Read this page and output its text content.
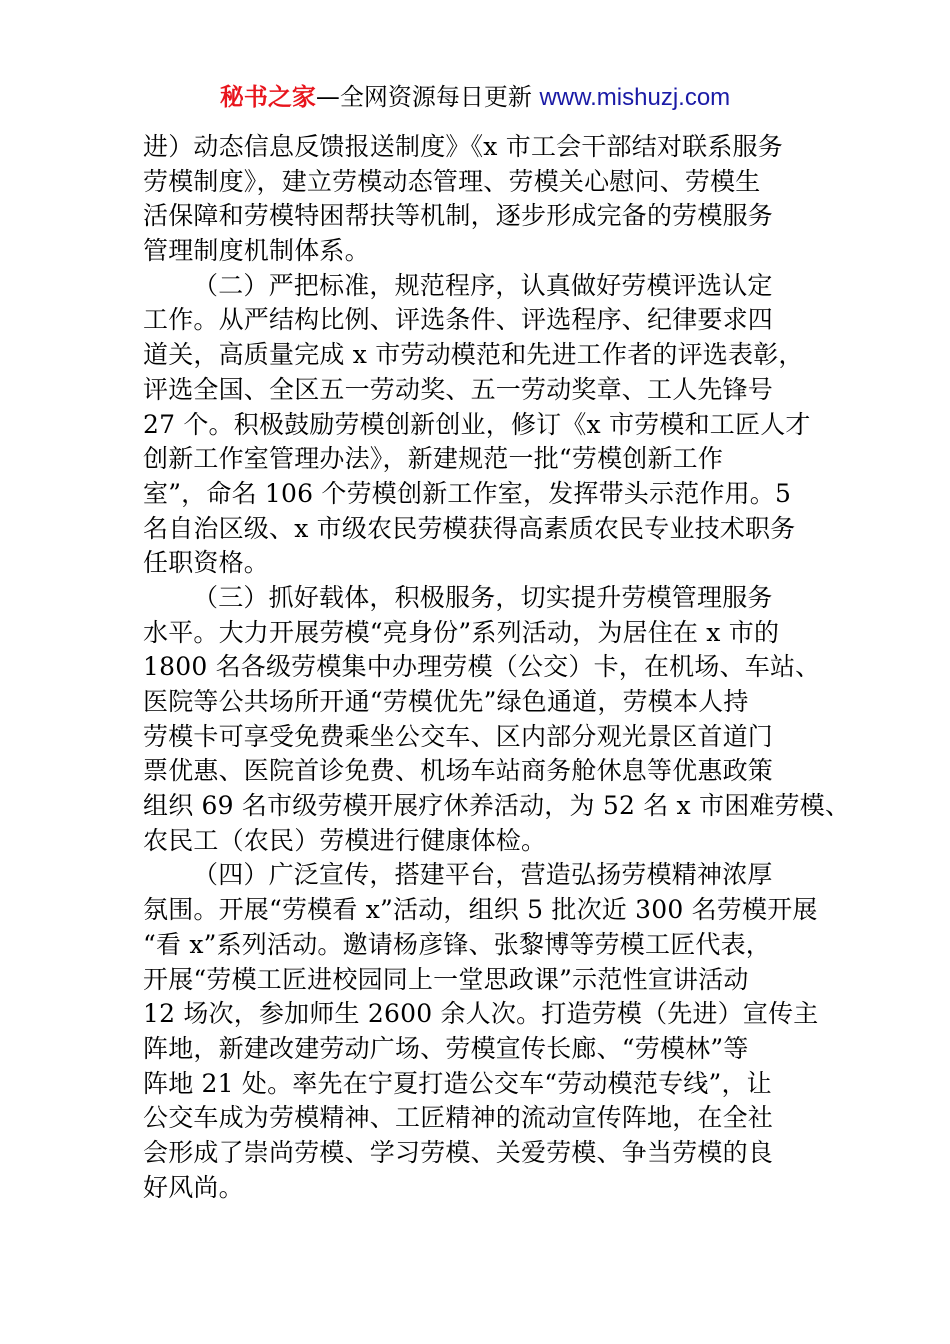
秘书之家—全网资源每日更新 www.mishuzj.com
进）动态信息反馈报送制度》《x 市工会干部结对联系服务
劳模制度》，建立劳模动态管理、劳模关心慰问、劳模生
活保障和劳模特困帮扶等机制，逐步形成完备的劳模服务
管理制度机制体系。
（二）严把标准，规范程序，认真做好劳模评选认定
工作。从严结构比例、评选条件、评选程序、纪律要求四
道关，高质量完成 x 市劳动模范和先进工作者的评选表彰，
评选全国、全区五一劳动奖、五一劳动奖章、工人先锋号
27 个。积极鼓励劳模创新创业，修订《x 市劳模和工匠人才
创新工作室管理办法》，新建规范一批“劳模创新工作
室”，命名 106 个劳模创新工作室，发挥带头示范作用。5
名自治区级、x 市级农民劳模获得高素质农民专业技术职务
任职资格。
（三）抓好载体，积极服务，切实提升劳模管理服务
水平。大力开展劳模“亮身份”系列活动，为居住在 x 市的
1800 名各级劳模集中办理劳模（公交）卡，在机场、车站、
医院等公共场所开通“劳模优先”绿色通道，劳模本人持
劳模卡可享受免费乘坐公交车、区内部分观光景区首道门
票优惠、医院首诊免费、机场车站商务舱休息等优惠政策
组织 69 名市级劳模开展疗休养活动，为 52 名 x 市困难劳模、
农民工（农民）劳模进行健康体检。
（四）广泛宣传，搭建平台，营造弘扬劳模精神浓厚
氛围。开展“劳模看 x”活动，组织 5 批次近 300 名劳模开展
“看 x”系列活动。邀请杨彦锋、张黎博等劳模工匠代表，
开展“劳模工匠进校园同上一堂思政课”示范性宣讲活动
12 场次，参加师生 2600 余人次。打造劳模（先进）宣传主
阵地，新建改建劳动广场、劳模宣传长廊、“劳模林”等
阵地 21 处。率先在宁夏打造公交车“劳动模范专线”，让
公交车成为劳模精神、工匠精神的流动宣传阵地，在全社
会形成了崇尚劳模、学习劳模、关爱劳模、争当劳模的良
好风尚。
